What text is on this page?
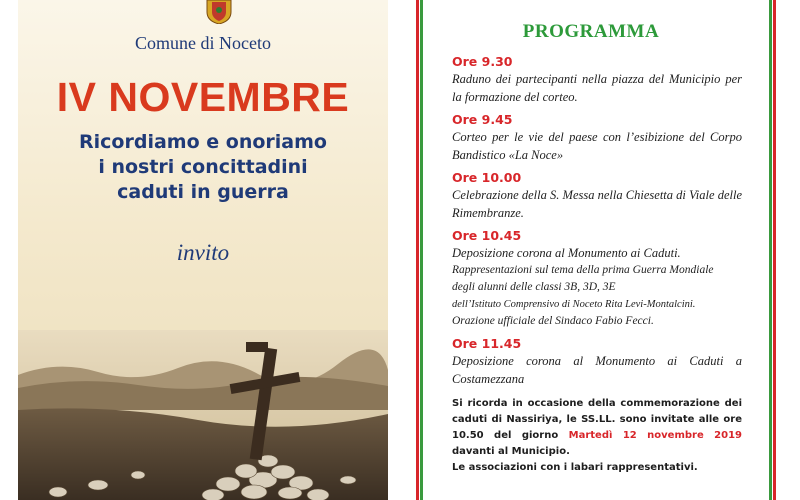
Comune di Noceto
IV NOVEMBRE
Ricordiamo e onoriamo
i nostri concittadini
caduti in guerra
invito
PROGRAMMA

Ore 9.30

Raduno dei partecipanti nella piazza del Municipio per la formazione del corteo.

Ore 9.45

Corteo per le vie del paese con l’esibizione del Corpo Bandistico «La Noce»

Ore 10.00

Celebrazione della S. Messa nella Chiesetta di Viale delle Rimembranze.

Ore 10.45

Deposizione corona al Monumento ai Caduti.

Rappresentazioni sul tema della prima Guerra Mondiale

degli alunni delle classi 3B, 3D, 3E

dell’Istituto Comprensivo di Noceto Rita Levi-Montalcini.

Orazione ufficiale del Sindaco Fabio Fecci.

Ore 11.45

Deposizione corona al Monumento ai Caduti a Costamezzana

Si ricorda in occasione della commemorazione dei caduti di Nassiriya, le SS.LL. sono invitate alle ore 10.50 del giorno Martedì 12 novembre 2019 davanti al Municipio.
Le associazioni con i labari rappresentativi.
